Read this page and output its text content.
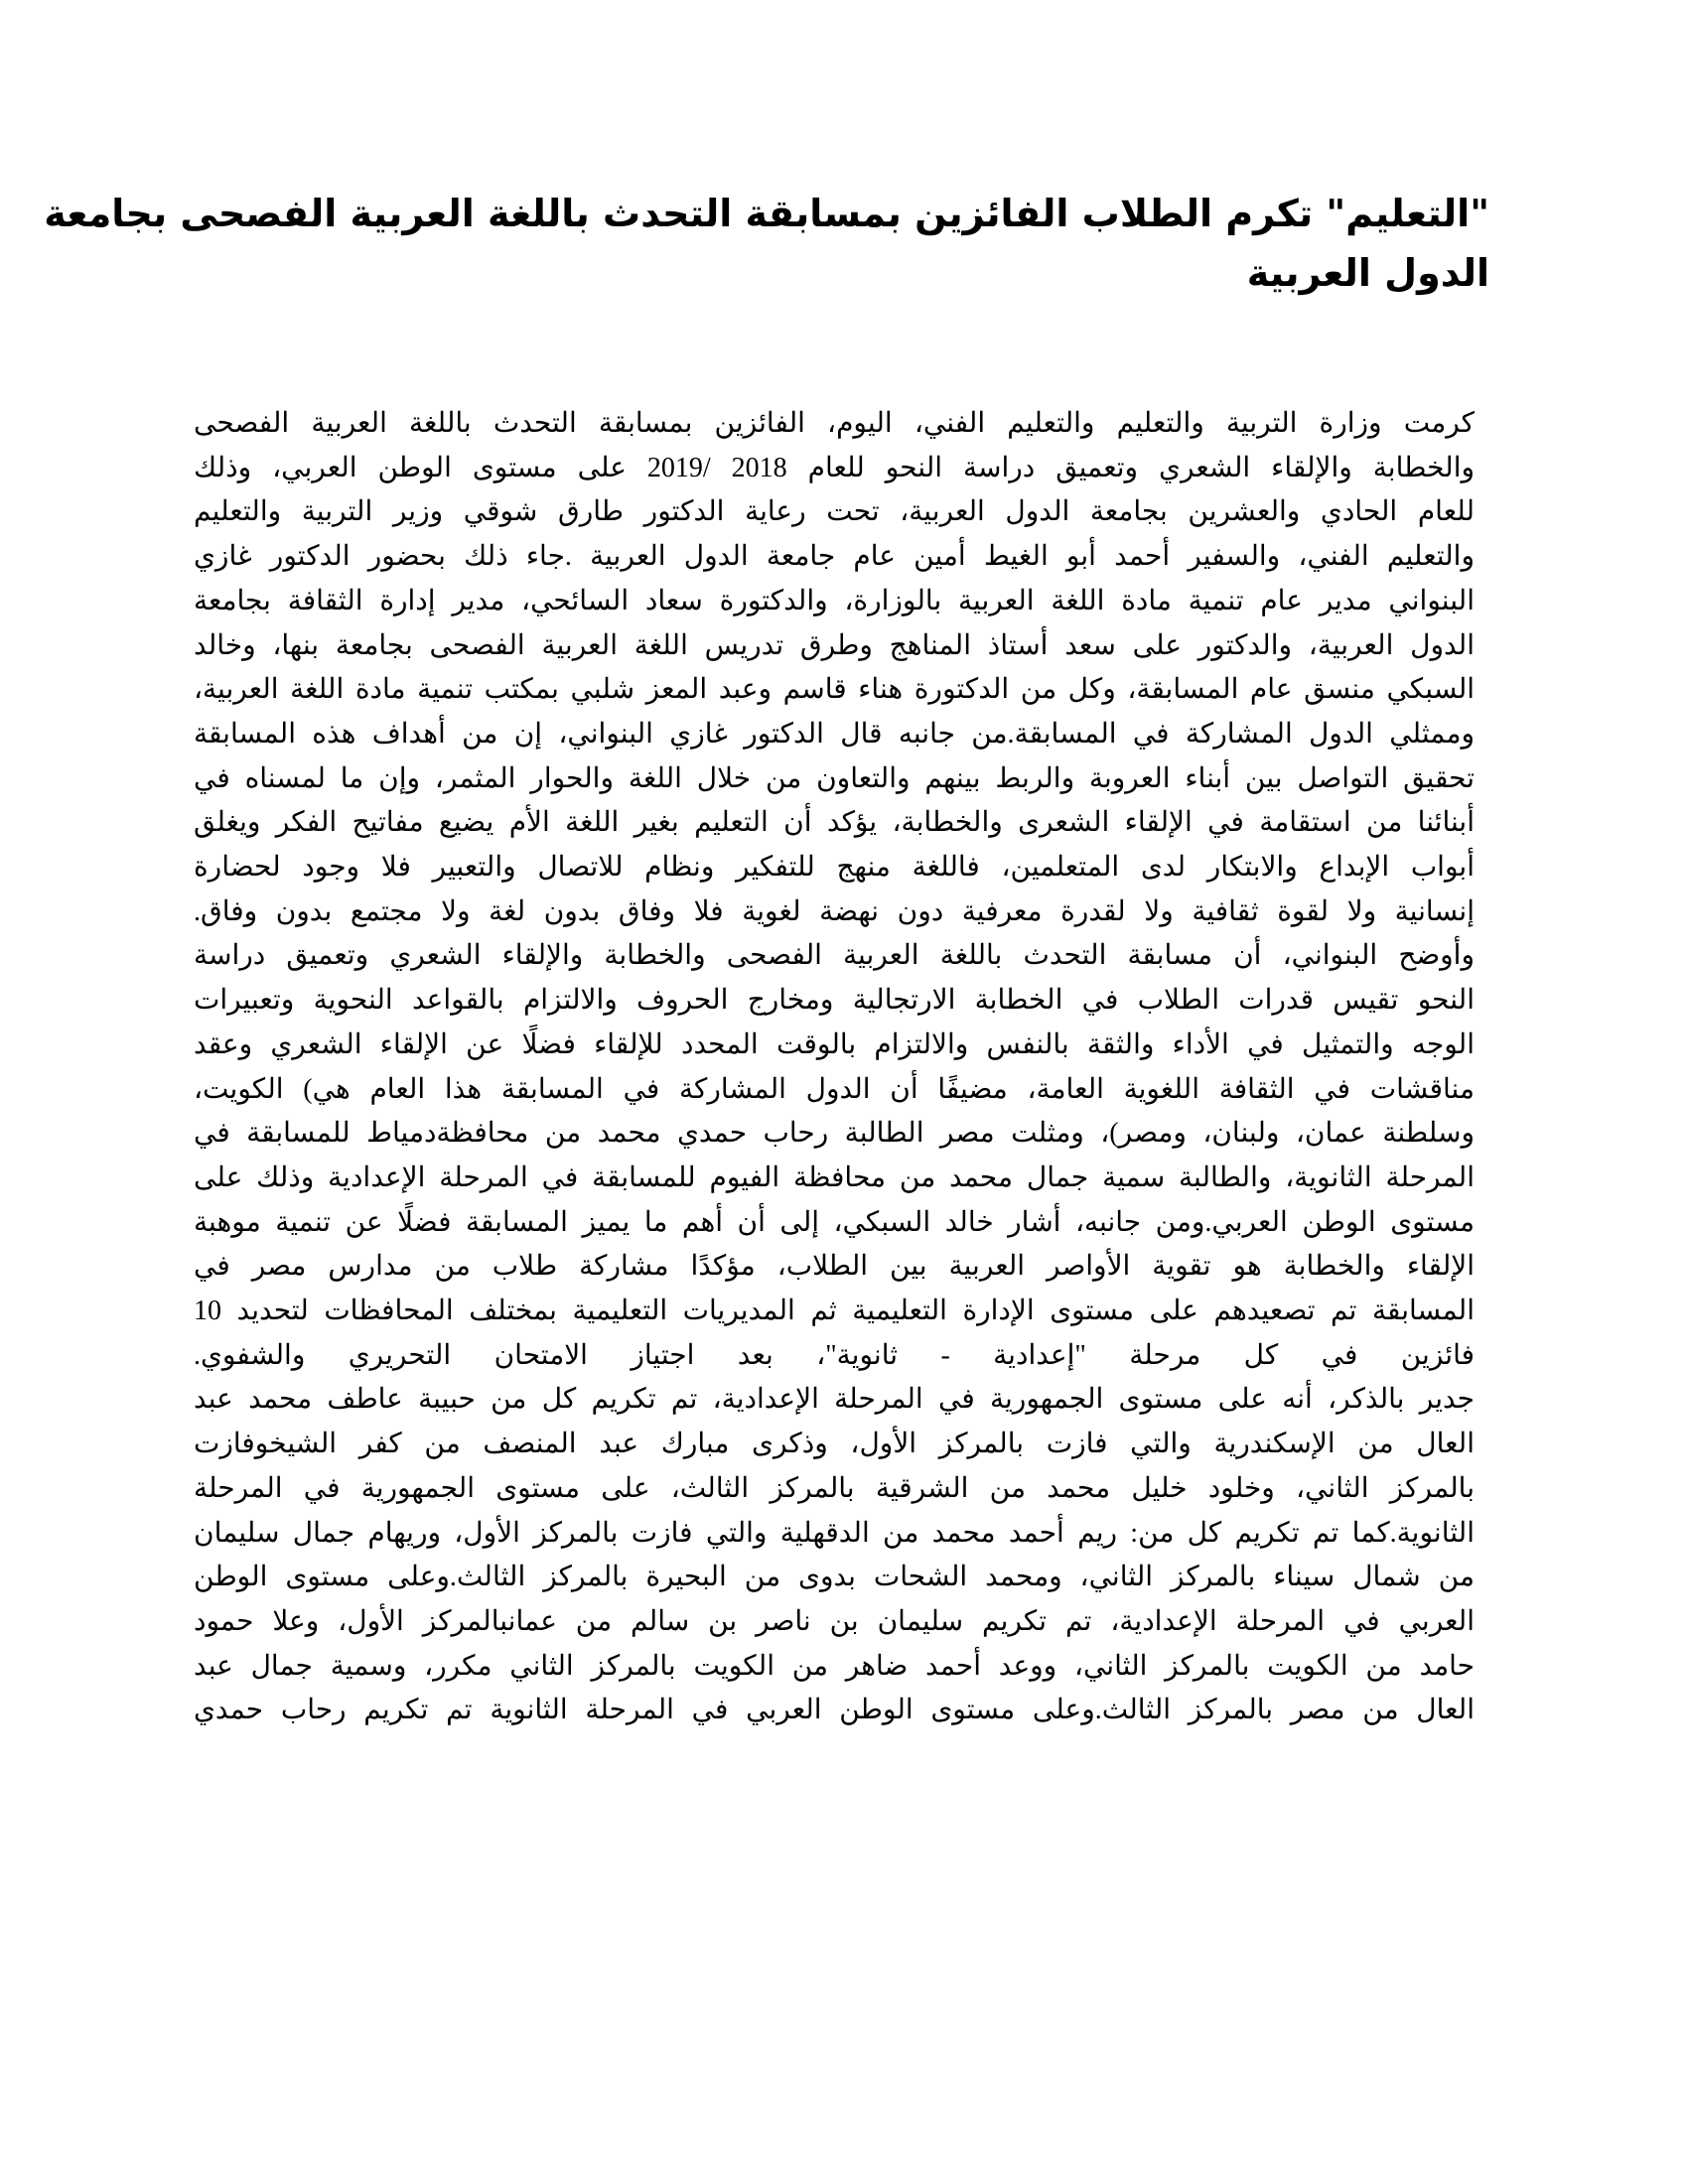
"التعليم" تكرم الطلاب الفائزين بمسابقة التحدث باللغة العربية الفصحى بجامعة
الدول العربية
كرمت وزارة التربية والتعليم والتعليم الفني، اليوم، الفائزين بمسابقة التحدث باللغة العربية الفصحى
والخطابة والإلقاء الشعري وتعميق دراسة النحو للعام 2018 /2019 على مستوى الوطن العربي، وذلك
للعام الحادي والعشرين بجامعة الدول العربية، تحت رعاية الدكتور طارق شوقي وزير التربية والتعليم
والتعليم الفني، والسفير أحمد أبو الغيط أمين عام جامعة الدول العربية .جاء ذلك بحضور الدكتور غازي
البنواني مدير عام تنمية مادة اللغة العربية بالوزارة، والدكتورة سعاد السائحي، مدير إدارة الثقافة بجامعة
الدول العربية، والدكتور على سعد أستاذ المناهج وطرق تدريس اللغة العربية الفصحى بجامعة بنها، وخالد
السبكي منسق عام المسابقة، وكل من الدكتورة هناء قاسم وعبد المعز شلبي بمكتب تنمية مادة اللغة العربية،
وممثلي الدول المشاركة في المسابقة.من جانبه قال الدكتور غازي البنواني، إن من أهداف هذه المسابقة
تحقيق التواصل بين أبناء العروبة والربط بينهم والتعاون من خلال اللغة والحوار المثمر، وإن ما لمسناه في
أبنائنا من استقامة في الإلقاء الشعرى والخطابة، يؤكد أن التعليم بغير اللغة الأم يضيع مفاتيح الفكر ويغلق
أبواب الإبداع والابتكار لدى المتعلمين، فاللغة منهج للتفكير ونظام للاتصال والتعبير فلا وجود لحضارة
إنسانية ولا لقوة ثقافية ولا لقدرة معرفية دون نهضة لغوية فلا وفاق بدون لغة ولا مجتمع بدون وفاق.
وأوضح البنواني، أن مسابقة التحدث باللغة العربية الفصحى والخطابة والإلقاء الشعري وتعميق دراسة
النحو تقيس قدرات الطلاب في الخطابة الارتجالية ومخارج الحروف والالتزام بالقواعد النحوية وتعبيرات
الوجه والتمثيل في الأداء والثقة بالنفس والالتزام بالوقت المحدد للإلقاء فضلًا عن الإلقاء الشعري وعقد
مناقشات في الثقافة اللغوية العامة، مضيفًا أن الدول المشاركة في المسابقة هذا العام هي) الكويت،
وسلطنة عمان، ولبنان، ومصر)، ومثلت مصر الطالبة رحاب حمدي محمد من محافظةدمياط للمسابقة في
المرحلة الثانوية، والطالبة سمية جمال محمد من محافظة الفيوم للمسابقة في المرحلة الإعدادية وذلك على
مستوى الوطن العربي.ومن جانبه، أشار خالد السبكي، إلى أن أهم ما يميز المسابقة فضلًا عن تنمية موهبة
الإلقاء والخطابة هو تقوية الأواصر العربية بين الطلاب، مؤكدًا مشاركة طلاب من مدارس مصر في
المسابقة تم تصعيدهم على مستوى الإدارة التعليمية ثم المديريات التعليمية بمختلف المحافظات لتحديد 10
فائزين في كل مرحلة "إعدادية - ثانوية"، بعد اجتياز الامتحان التحريري والشفوي.
جدير بالذكر، أنه على مستوى الجمهورية في المرحلة الإعدادية، تم تكريم كل من حبيبة عاطف محمد عبد
العال من الإسكندرية والتي فازت بالمركز الأول، وذكرى مبارك عبد المنصف من كفر الشيخوفازت
بالمركز الثاني، وخلود خليل محمد من الشرقية بالمركز الثالث، على مستوى الجمهورية في المرحلة
الثانوية.كما تم تكريم كل من: ريم أحمد محمد من الدقهلية والتي فازت بالمركز الأول، وريهام جمال سليمان
من شمال سيناء بالمركز الثاني، ومحمد الشحات بدوى من البحيرة بالمركز الثالث.وعلى مستوى الوطن
العربي في المرحلة الإعدادية، تم تكريم سليمان بن ناصر بن سالم من عمانبالمركز الأول، وعلا حمود
حامد من الكويت بالمركز الثاني، ووعد أحمد ضاهر من الكويت بالمركز الثاني مكرر، وسمية جمال عبد
العال من مصر بالمركز الثالث.وعلى مستوى الوطن العربي في المرحلة الثانوية تم تكريم رحاب حمدي
